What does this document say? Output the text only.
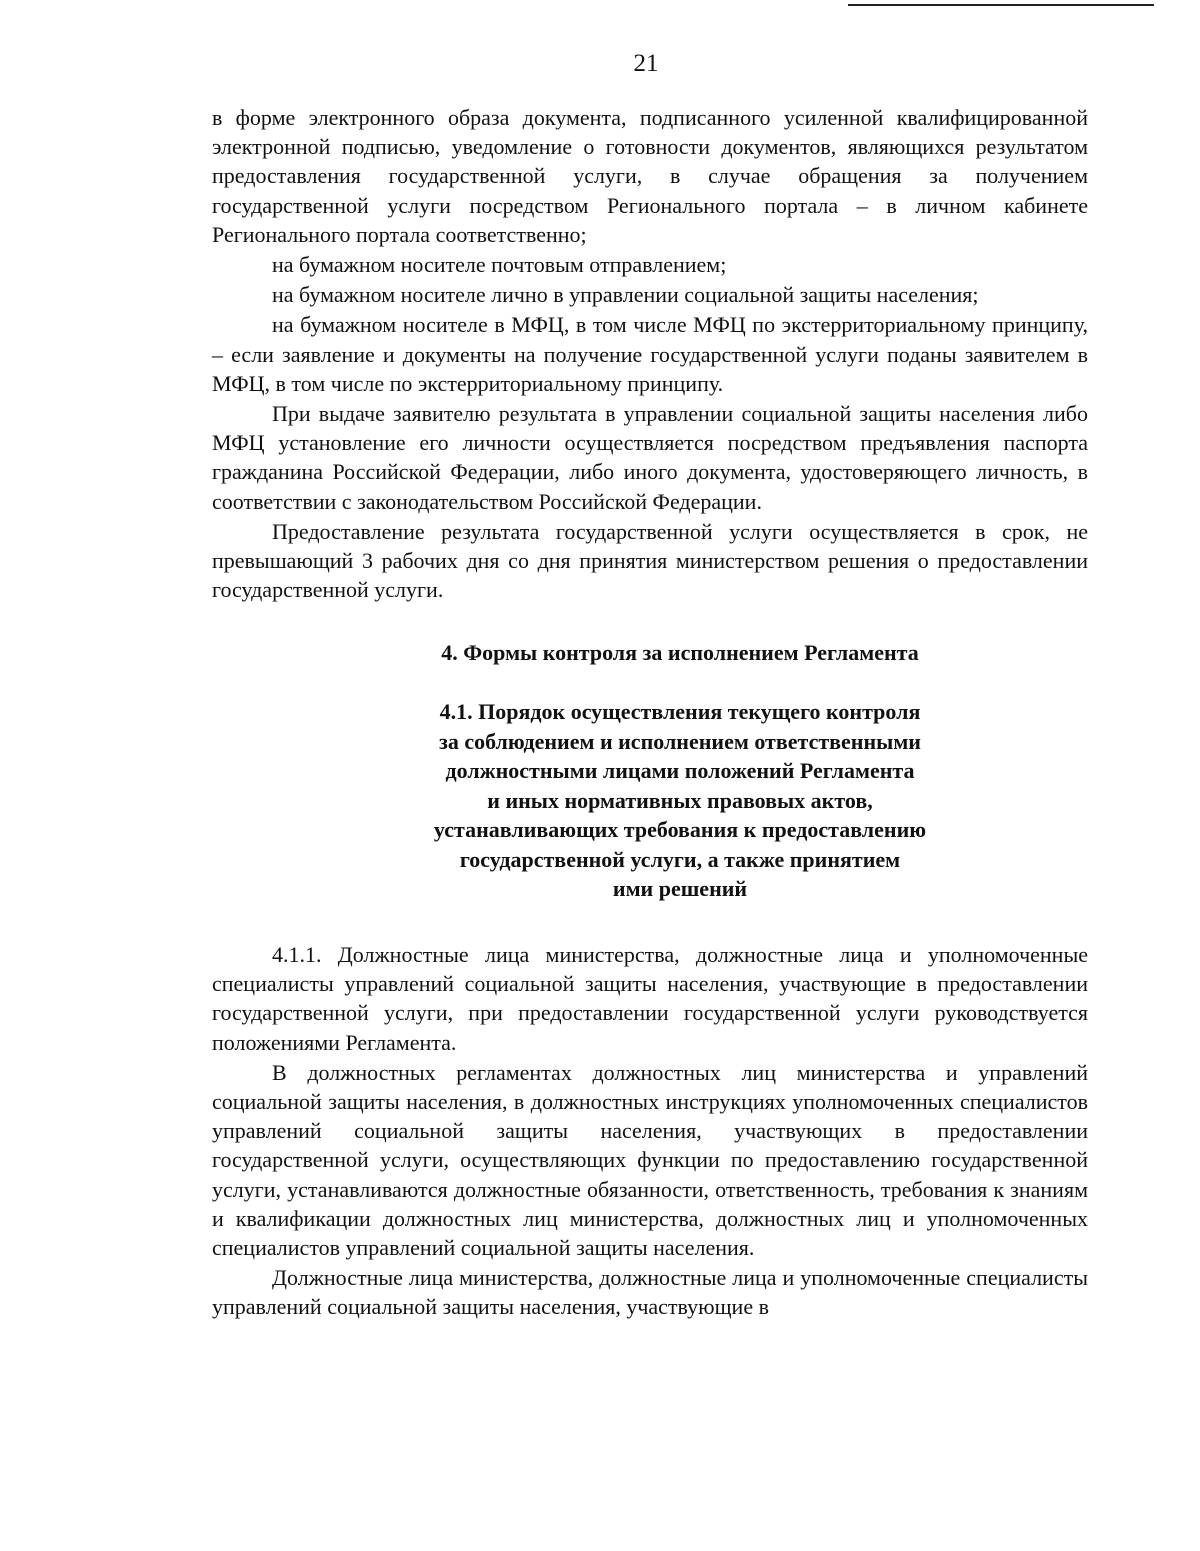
21

в форме электронного образа документа, подписанного усиленной квалифицированной электронной подписью, уведомление о готовности документов, являющихся результатом предоставления государственной услуги, в случае обращения за получением государственной услуги посредством Регионального портала – в личном кабинете Регионального портала соответственно;

на бумажном носителе почтовым отправлением;

на бумажном носителе лично в управлении социальной защиты населения;

на бумажном носителе в МФЦ, в том числе МФЦ по экстерриториальному принципу, – если заявление и документы на получение государственной услуги поданы заявителем в МФЦ, в том числе по экстерриториальному принципу.

При выдаче заявителю результата в управлении социальной защиты населения либо МФЦ установление его личности осуществляется посредством предъявления паспорта гражданина Российской Федерации, либо иного документа, удостоверяющего личность, в соответствии с законодательством Российской Федерации.

Предоставление результата государственной услуги осуществляется в срок, не превышающий 3 рабочих дня со дня принятия министерством решения о предоставлении государственной услуги.

4. Формы контроля за исполнением Регламента
4.1. Порядок осуществления текущего контроля
за соблюдением и исполнением ответственными
должностными лицами положений Регламента
и иных нормативных правовых актов,
устанавливающих требования к предоставлению
государственной услуги, а также принятием
ими решений

4.1.1. Должностные лица министерства, должностные лица и уполномоченные специалисты управлений социальной защиты населения, участвующие в предоставлении государственной услуги, при предоставлении государственной услуги руководствуется положениями Регламента.

В должностных регламентах должностных лиц министерства и управлений социальной защиты населения, в должностных инструкциях уполномоченных специалистов управлений социальной защиты населения, участвующих в предоставлении государственной услуги, осуществляющих функции по предоставлению государственной услуги, устанавливаются должностные обязанности, ответственность, требования к знаниям и квалификации должностных лиц министерства, должностных лиц и уполномоченных специалистов управлений социальной защиты населения.

Должностные лица министерства, должностные лица и уполномоченные специалисты управлений социальной защиты населения, участвующие в
